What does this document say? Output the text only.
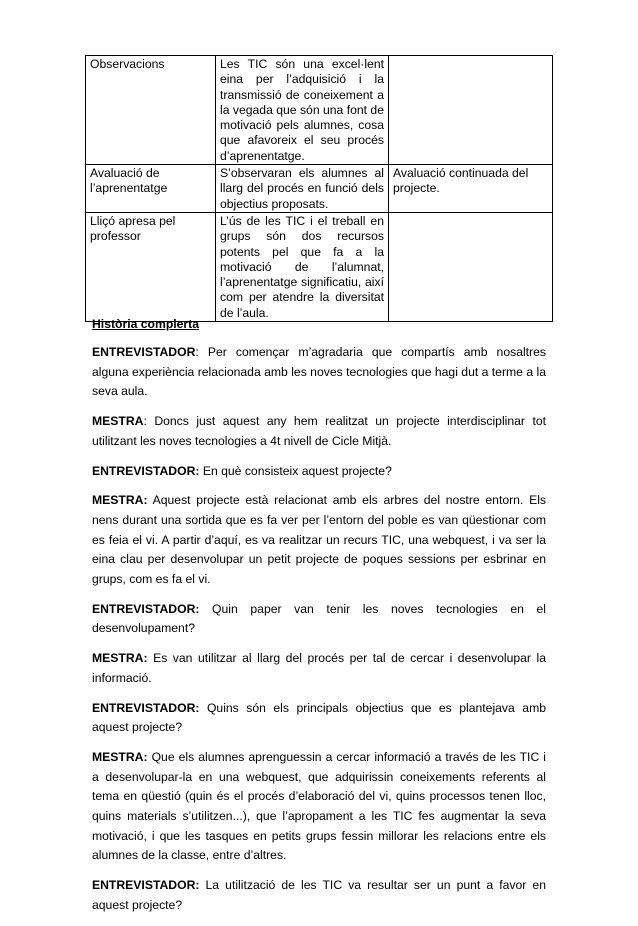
Observacions	Les TIC són una excel·lent eina per l’adquisició i la transmissió de coneixement a la vegada que són una font de motivació pels alumnes, cosa que afavoreix el seu procés d’aprenentatge.	
Avaluació de l’aprenentatge	S’observaran els alumnes al llarg del procés en funció dels objectius proposats.	Avaluació continuada del projecte.
Lliçó apresa pel professor	L’ús de les TIC i el treball en grups són dos recursos potents pel que fa a la motivació de l’alumnat, l’aprenentatge significatiu, així com per atendre la diversitat de l’aula.	
Història complerta

ENTREVISTADOR: Per començar m’agradaria que compartís amb nosaltres alguna experiència relacionada amb les noves tecnologies que hagi dut a terme a la seva aula.

MESTRA: Doncs just aquest any hem realitzat un projecte interdisciplinar tot utilitzant les noves tecnologies a 4t nivell de Cicle Mitjà.

ENTREVISTADOR: En què consisteix aquest projecte?

MESTRA: Aquest projecte està relacionat amb els arbres del nostre entorn. Els nens durant una sortida que es fa ver per l’entorn del poble es van qüestionar com es feia el vi. A partir d’aquí, es va realitzar un recurs TIC, una webquest, i va ser la eina clau per desenvolupar un petit projecte de poques sessions per esbrinar en grups, com es fa el vi.

ENTREVISTADOR: Quin paper van tenir les noves tecnologies en el desenvolupament?

MESTRA: Es van utilitzar al llarg del procés per tal de cercar i desenvolupar la informació.

ENTREVISTADOR: Quins són els principals objectius que es plantejava amb aquest projecte?

MESTRA: Que els alumnes aprenguessin a cercar informació a través de les TIC i a desenvolupar-la en una webquest, que adquirissin coneixements referents al tema en qüestió (quin és el procés d’elaboració del vi, quins processos tenen lloc, quins materials s’utilitzen...), que l’apropament a les TIC fes augmentar la seva motivació, i que les tasques en petits grups fessin millorar les relacions entre els alumnes de la classe, entre d’altres.

ENTREVISTADOR: La utilització de les TIC va resultar ser un punt a favor en aquest projecte?
